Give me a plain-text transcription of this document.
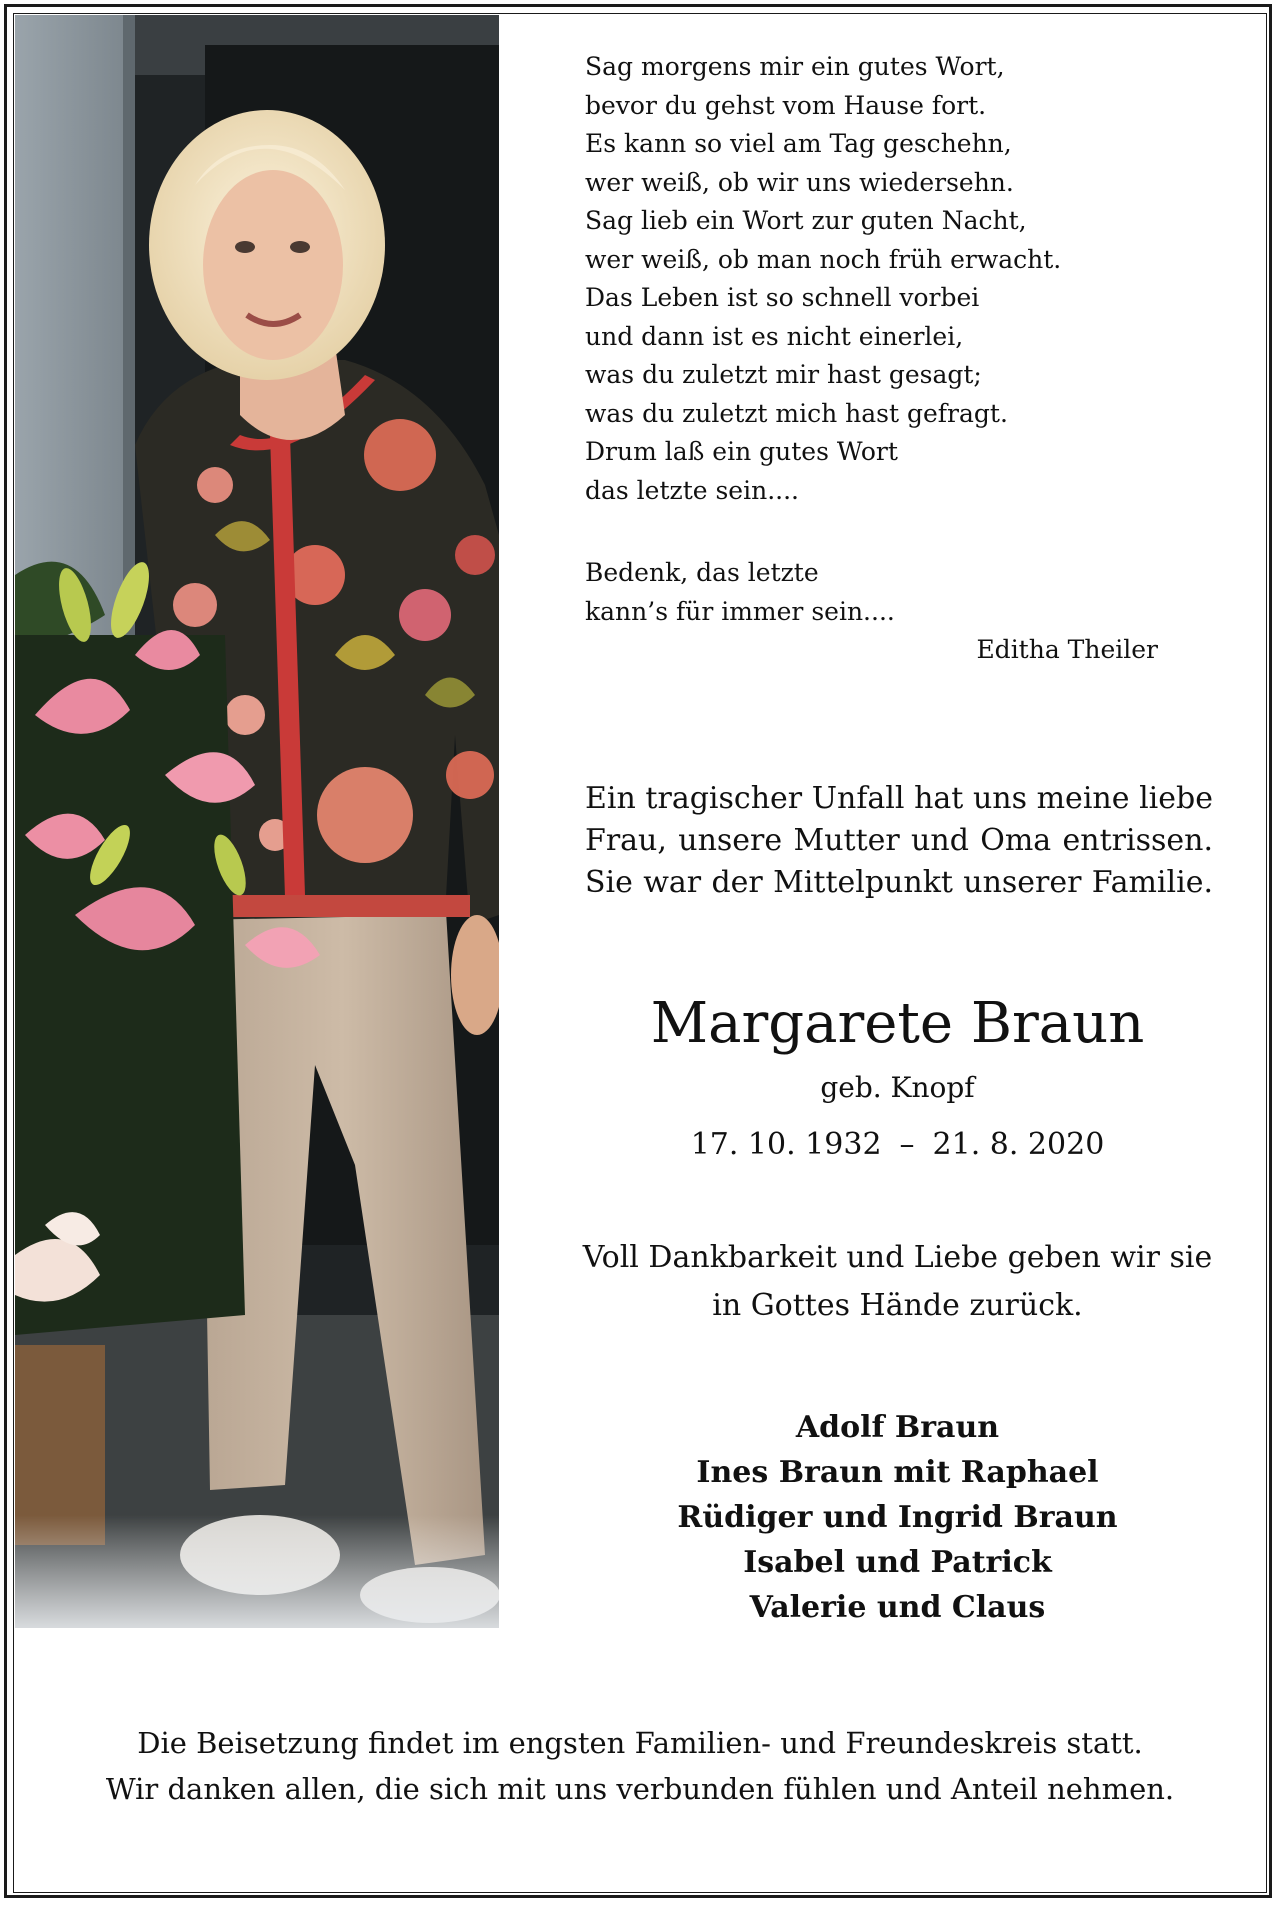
Sag morgens mir ein gutes Wort,
bevor du gehst vom Hause fort.
Es kann so viel am Tag geschehn,
wer weiß, ob wir uns wiedersehn.
Sag lieb ein Wort zur guten Nacht,
wer weiß, ob man noch früh erwacht.
Das Leben ist so schnell vorbei
und dann ist es nicht einerlei,
was du zuletzt mir hast gesagt;
was du zuletzt mich hast gefragt.
Drum laß ein gutes Wort
das letzte sein....
Bedenk, das letzte
kann’s für immer sein....
Editha Theiler
Ein tragischer Unfall hat uns meine liebe
Frau, unsere Mutter und Oma entrissen.
Sie war der Mittelpunkt unserer Familie.
Margarete Braun
geb. Knopf
17. 10. 1932 – 21. 8. 2020
Voll Dankbarkeit und Liebe geben wir sie
in Gottes Hände zurück.
Adolf Braun
Ines Braun mit Raphael
Rüdiger und Ingrid Braun
Isabel und Patrick
Valerie und Claus
Die Beisetzung findet im engsten Familien- und Freundeskreis statt.
Wir danken allen, die sich mit uns verbunden fühlen und Anteil nehmen.
